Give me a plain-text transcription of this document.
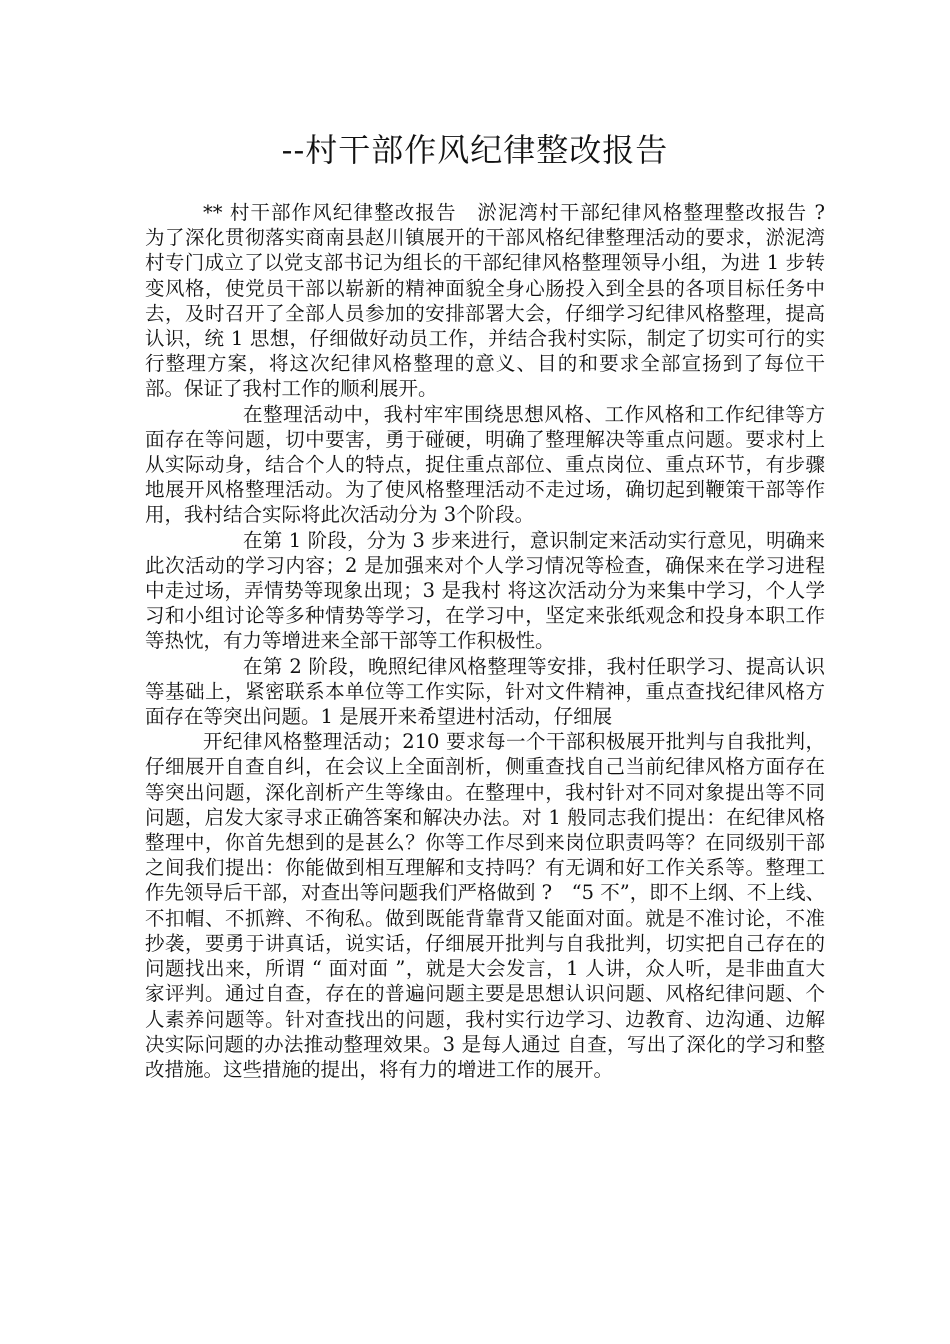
--村干部作风纪律整改报告

** 村干部作风纪律整改报告　淤泥湾村干部纪律风格整理整改报告 ?　 为了深化贯彻落实商南县赵川镇展开的干部风格纪律整理活动的要求，淤泥湾村专门成立了以党支部书记为组长的干部纪律风格整理领导小组，为进 1 步转变风格，使党员干部以崭新的精神面貌全身心肠投入到全县的各项目标任务中去，及时召开了全部人员参加的安排部署大会，仔细学习纪律风格整理，提高认识，统 1 思想，仔细做好动员工作，并结合我村实际，制定了切实可行的实行整理方案，将这次纪律风格整理的意义、目的和要求全部宣扬到了每位干部。保证了我村工作的顺利展开。

在整理活动中，我村牢牢围绕思想风格、工作风格和工作纪律等方面存在等问题，切中要害，勇于碰硬，明确了整理解决等重点问题。要求村上从实际动身，结合个人的特点，捉住重点部位、重点岗位、重点环节，有步骤地展开风格整理活动。为了使风格整理活动不走过场，确切起到鞭策干部等作用，我村结合实际将此次活动分为 3个阶段。

在第 1 阶段，分为 3 步来进行，意识制定来活动实行意见，明确来此次活动的学习内容；2 是加强来对个人学习情况等检查，确保来在学习进程中走过场，弄情势等现象出现；3 是我村 将这次活动分为来集中学习，个人学习和小组讨论等多种情势等学习，在学习中，坚定来张纸观念和投身本职工作等热忱，有力等增进来全部干部等工作积极性。

在第 2 阶段，晚照纪律风格整理等安排，我村任职学习、提高认识等基础上，紧密联系本单位等工作实际，针对文件精神，重点查找纪律风格方面存在等突出问题。1 是展开来希望进村活动，仔细展

开纪律风格整理活动；210 要求每一个干部积极展开批判与自我批判，仔细展开自查自纠，在会议上全面剖析，侧重查找自己当前纪律风格方面存在等突出问题，深化剖析产生等缘由。在整理中，我村针对不同对象提出等不同问题，启发大家寻求正确答案和解决办法。对 1 般同志我们提出：在纪律风格整理中，你首先想到的是甚么？你等工作尽到来岗位职责吗等？在同级别干部之间我们提出：你能做到相互理解和支持吗？有无调和好工作关系等。整理工作先领导后干部，对查出等问题我们严格做到 ?　“5 不”，即不上纲、不上线、不扣帽、不抓辫、不徇私。做到既能背靠背又能面对面。就是不准讨论，不准抄袭，要勇于讲真话，说实话，仔细展开批判与自我批判，切实把自己存在的问题找出来，所谓 “ 面对面 ”，就是大会发言，1 人讲，众人听，是非曲直大家评判。通过自查，存在的普遍问题主要是思想认识问题、风格纪律问题、个人素养问题等。针对查找出的问题，我村实行边学习、边教育、边沟通、边解决实际问题的办法推动整理效果。3 是每人通过 自查，写出了深化的学习和整改措施。这些措施的提出，将有力的增进工作的展开。
